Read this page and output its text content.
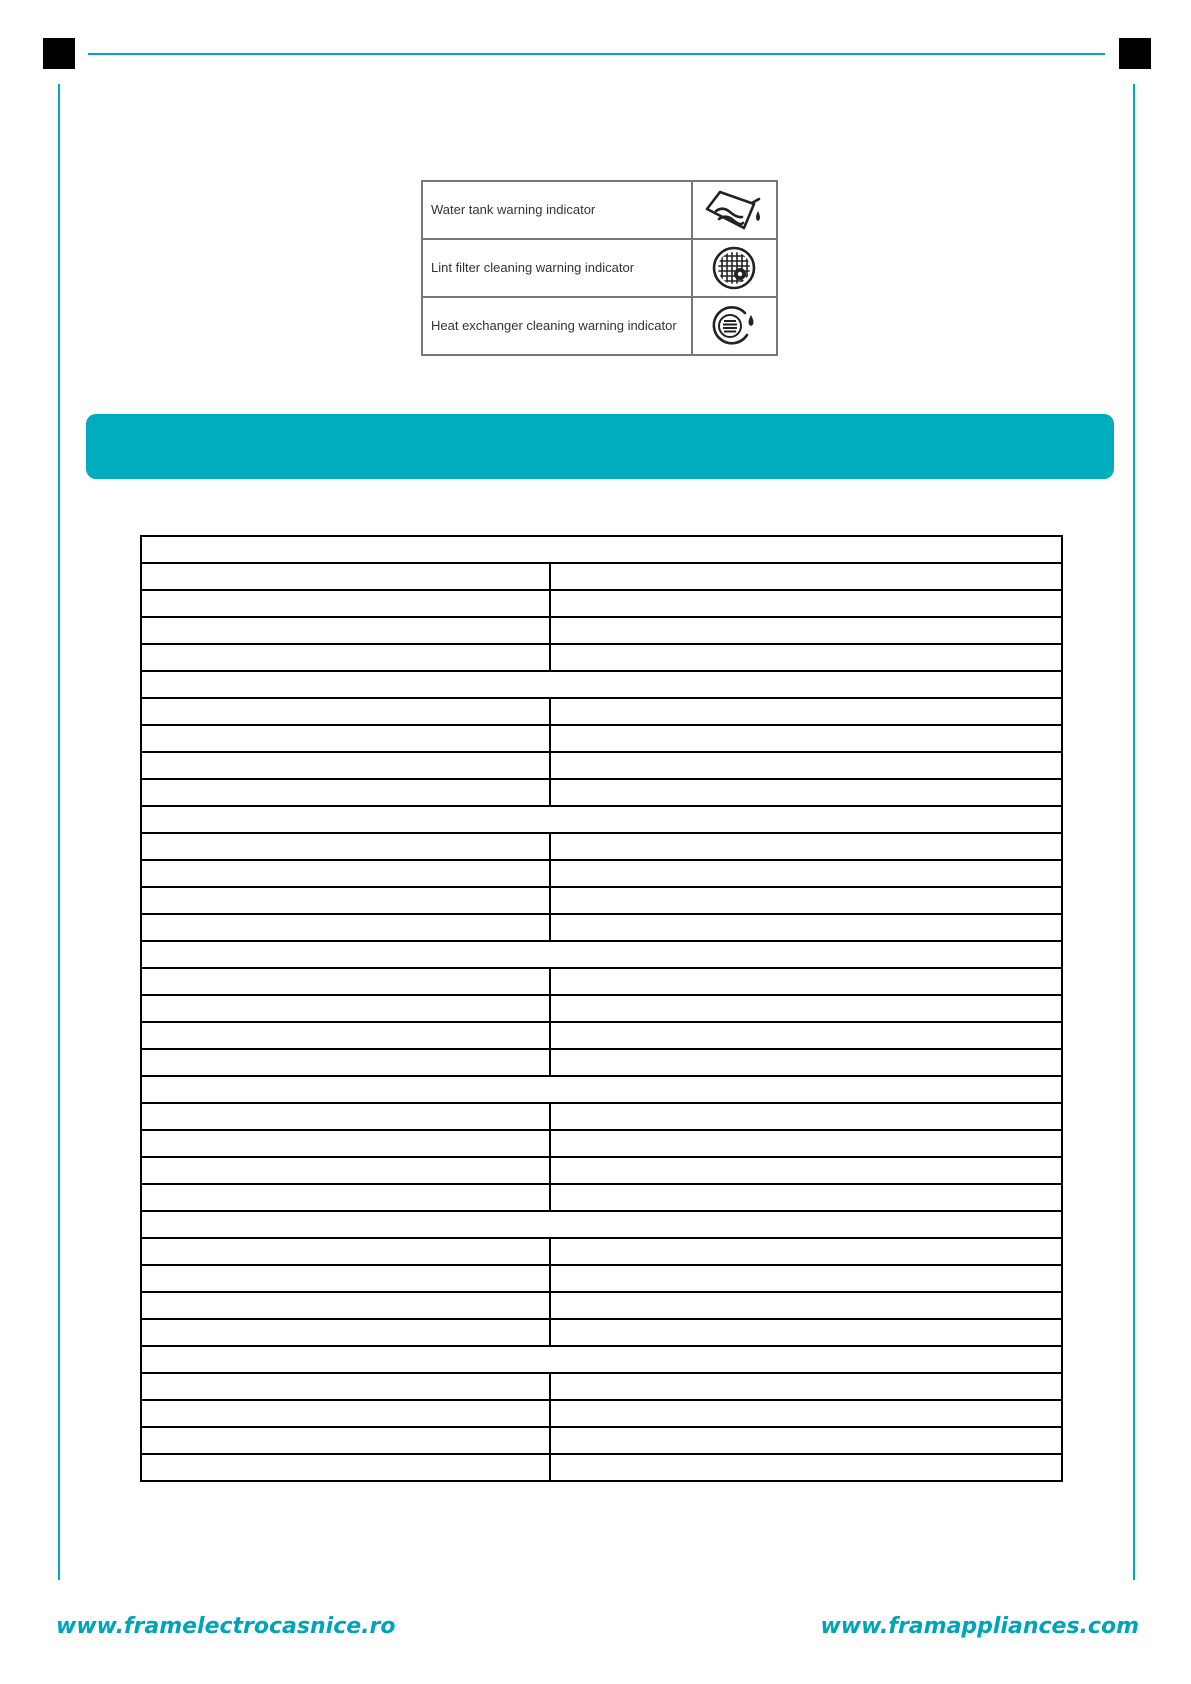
Water tank warning indicator	

Lint filter cleaning warning indicator	

Heat exchanger cleaning warning indicator	

www.framelectrocasnice.ro	www.framappliances.com
